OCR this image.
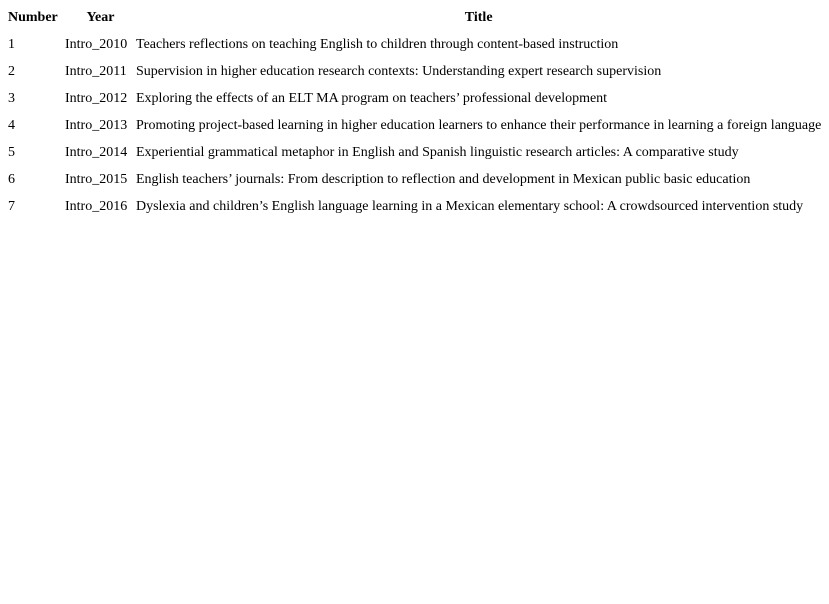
Number	Year	Title
1	Intro_2010	Teachers reflections on teaching English to children through content-based instruction
2	Intro_2011	Supervision in higher education research contexts: Understanding expert research supervision
3	Intro_2012	Exploring the effects of an ELT MA program on teachers’ professional development
4	Intro_2013	Promoting project-based learning in higher education learners to enhance their performance in learning a foreign language
5	Intro_2014	Experiential grammatical metaphor in English and Spanish linguistic research articles: A comparative study
6	Intro_2015	English teachers’ journals: From description to reflection and development in Mexican public basic education
7	Intro_2016	Dyslexia and children’s English language learning in a Mexican elementary school: A crowdsourced intervention study
